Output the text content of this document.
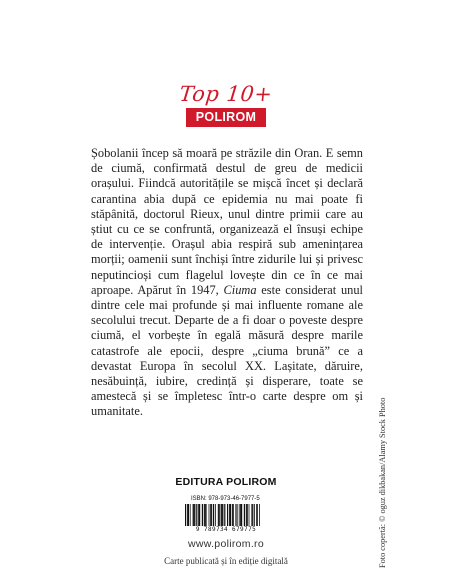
Top 10+
POLIROM

Șobolanii încep să moară pe străzile din Oran. E semn de ciumă, confirmată destul de greu de medicii orașului. Fiindcă autoritățile se mișcă încet și declară carantina abia după ce epidemia nu mai poate fi stăpânită, doctorul Rieux, unul dintre primii care au știut cu ce se confruntă, organizează el însuși echipe de intervenție. Orașul abia respiră sub amenințarea morții; oamenii sunt închiși între zidurile lui și privesc neputincioși cum flagelul lovește din ce în ce mai aproape. Apărut în 1947, Ciuma este considerat unul dintre cele mai profunde și mai influente romane ale secolului trecut. Departe de a fi doar o poveste despre ciumă, el vorbește în egală măsură despre marile catastrofe ale epocii, despre „ciuma brună” ce a devastat Europa în secolul XX. Lașitate, dăruire, nesăbuință, iubire, credință și disperare, toate se amestecă și se împletesc într-o carte despre om și umanitate.

EDITURA POLIROM
ISBN: 978-973-46-7977-5
9 789734 679775
www.polirom.ro
Carte publicată și în ediție digitală	Foto copertă: © oguz dikbakan/Alamy Stock Photo
